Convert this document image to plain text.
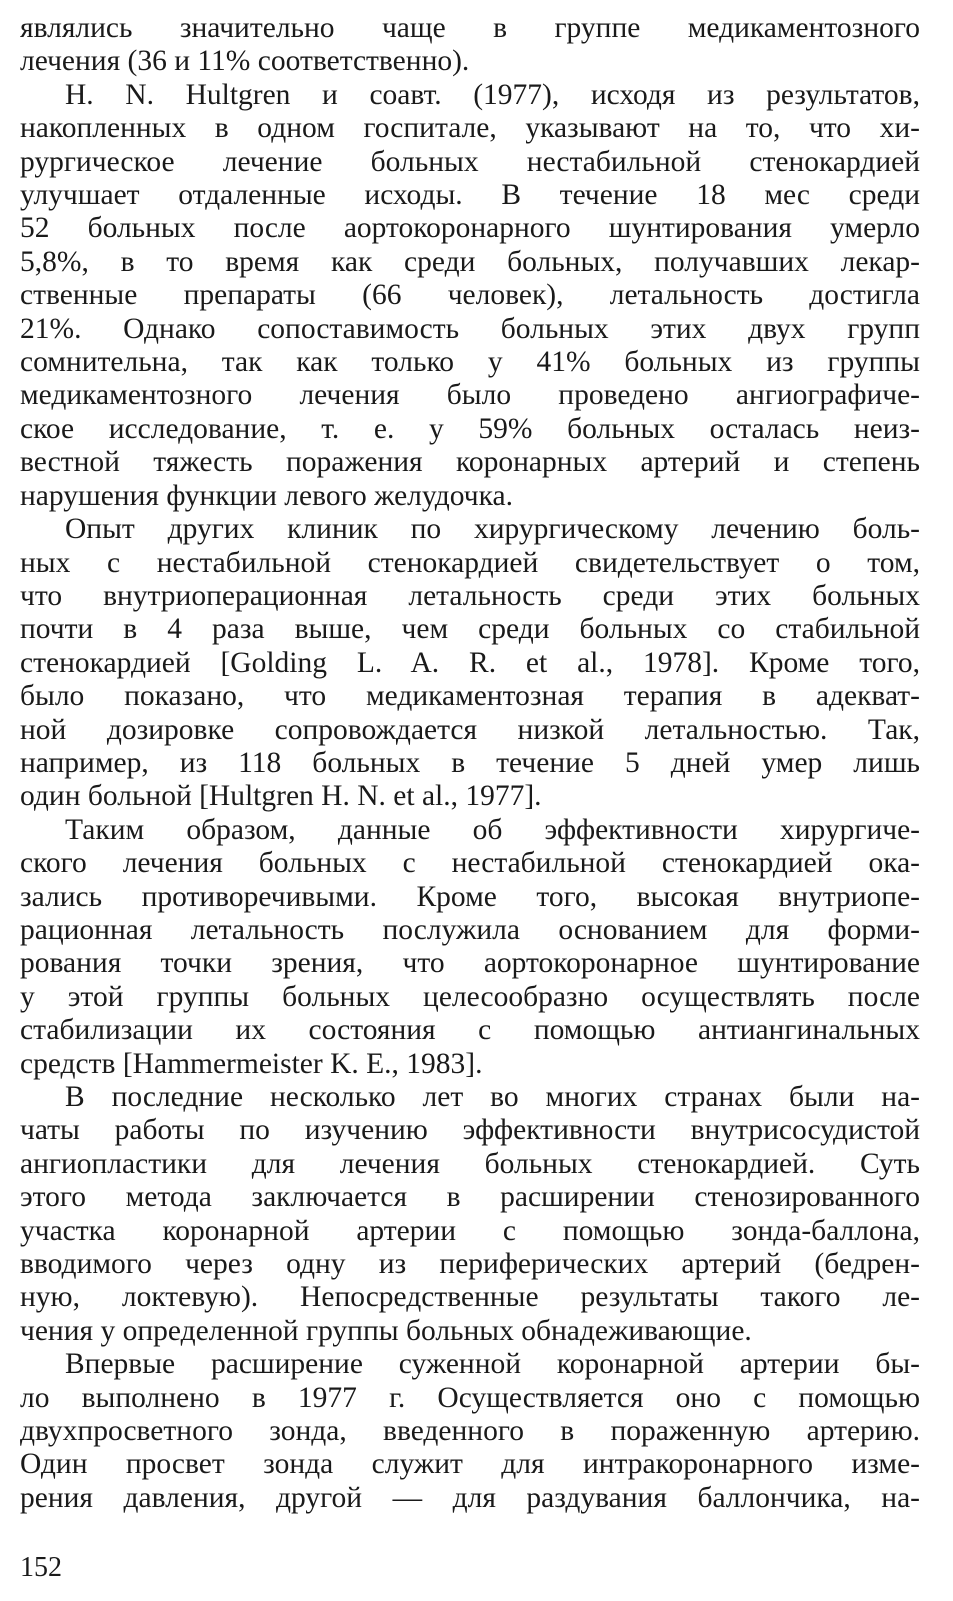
являлись значительно чаще в группе медикаментозного
лечения (36 и 11% соответственно).

H. N. Hultgren и соавт. (1977), исходя из результатов,
накопленных в одном госпитале, указывают на то, что хи-
рургическое лечение больных нестабильной стенокардией
улучшает отдаленные исходы. В течение 18 мес среди
52 больных после аортокоронарного шунтирования умерло
5,8%, в то время как среди больных, получавших лекар-
ственные препараты (66 человек), летальность достигла
21%. Однако сопоставимость больных этих двух групп
сомнительна, так как только у 41% больных из группы
медикаментозного лечения было проведено ангиографиче-
ское исследование, т. е. у 59% больных осталась неиз-
вестной тяжесть поражения коронарных артерий и степень
нарушения функции левого желудочка.

Опыт других клиник по хирургическому лечению боль-
ных с нестабильной стенокардией свидетельствует о том,
что внутриоперационная летальность среди этих больных
почти в 4 раза выше, чем среди больных со стабильной
стенокардией [Golding L. A. R. et al., 1978]. Кроме того,
было показано, что медикаментозная терапия в адекват-
ной дозировке сопровождается низкой летальностью. Так,
например, из 118 больных в течение 5 дней умер лишь
один больной [Hultgren H. N. et al., 1977].

Таким образом, данные об эффективности хирургиче-
ского лечения больных с нестабильной стенокардией ока-
зались противоречивыми. Кроме того, высокая внутриопе-
рационная летальность послужила основанием для форми-
рования точки зрения, что аортокоронарное шунтирование
у этой группы больных целесообразно осуществлять после
стабилизации их состояния с помощью антиангинальных
средств [Hammermeister K. E., 1983].

В последние несколько лет во многих странах были на-
чаты работы по изучению эффективности внутрисосудистой
ангиопластики для лечения больных стенокардией. Суть
этого метода заключается в расширении стенозированного
участка коронарной артерии с помощью зонда-баллона,
вводимого через одну из периферических артерий (бедрен-
ную, локтевую). Непосредственные результаты такого ле-
чения у определенной группы больных обнадеживающие.

Впервые расширение суженной коронарной артерии бы-
ло выполнено в 1977 г. Осуществляется оно с помощью
двухпросветного зонда, введенного в пораженную артерию.
Один просвет зонда служит для интракоронарного изме-
рения давления, другой — для раздувания баллончика, на-

152
